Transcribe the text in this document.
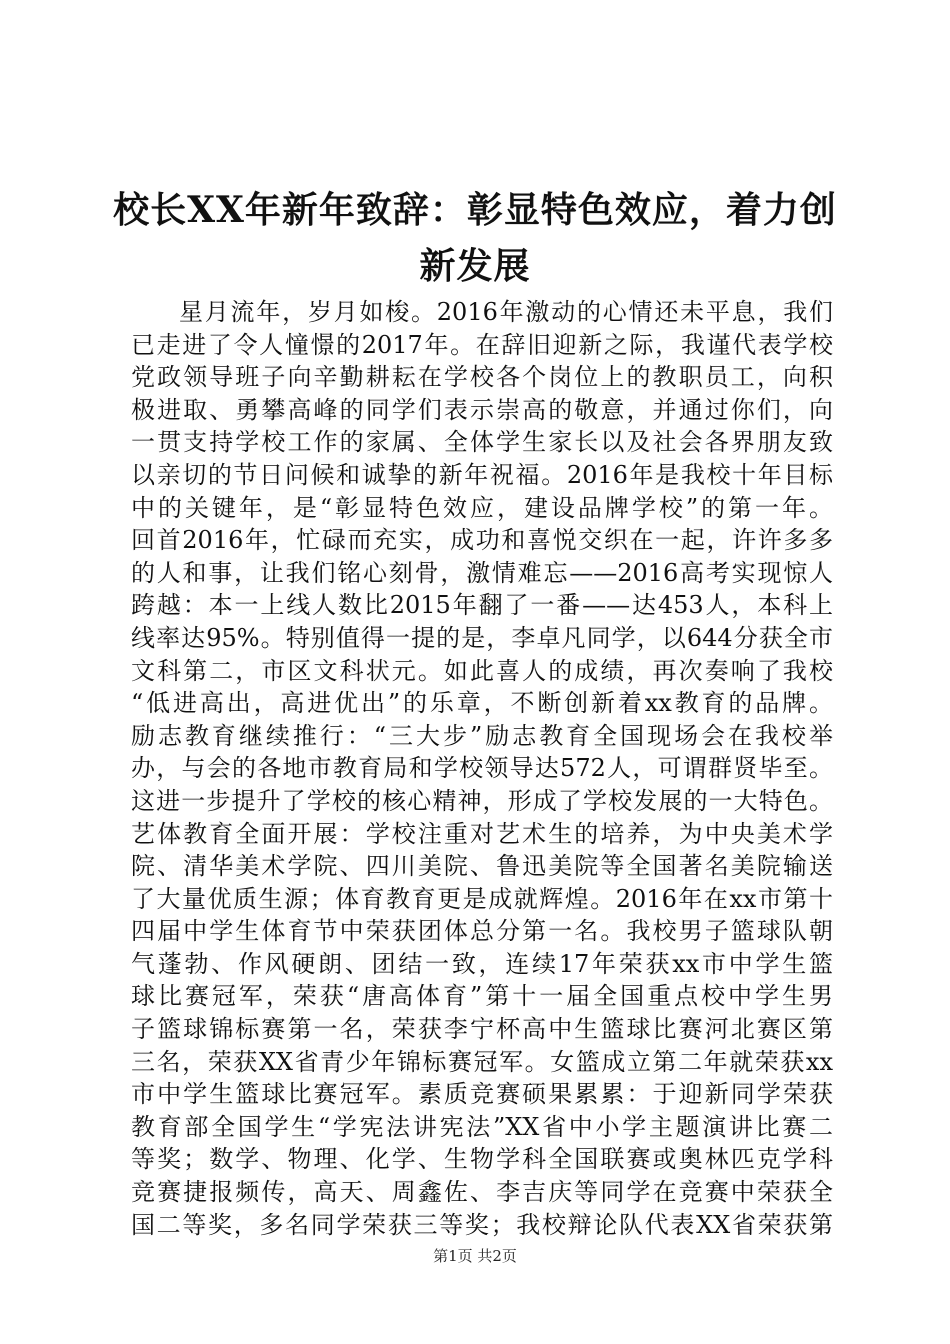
校长XX年新年致辞：彰显特色效应，着力创
新发展
星月流年，岁月如梭。2016年激动的心情还未平息，我们
已走进了令人憧憬的2017年。在辞旧迎新之际，我谨代表学校
党政领导班子向辛勤耕耘在学校各个岗位上的教职员工，向积
极进取、勇攀高峰的同学们表示崇高的敬意，并通过你们，向
一贯支持学校工作的家属、全体学生家长以及社会各界朋友致
以亲切的节日问候和诚挚的新年祝福。2016年是我校十年目标
中的关键年，是“彰显特色效应，建设品牌学校”的第一年。
回首2016年，忙碌而充实，成功和喜悦交织在一起，许许多多
的人和事，让我们铭心刻骨，激情难忘——2016高考实现惊人
跨越：本一上线人数比2015年翻了一番——达453人，本科上
线率达95%。特别值得一提的是，李卓凡同学，以644分获全市
文科第二，市区文科状元。如此喜人的成绩，再次奏响了我校
“低进高出，高进优出”的乐章，不断创新着xx教育的品牌。
励志教育继续推行：“三大步”励志教育全国现场会在我校举
办，与会的各地市教育局和学校领导达572人，可谓群贤毕至。
这进一步提升了学校的核心精神，形成了学校发展的一大特色。
艺体教育全面开展：学校注重对艺术生的培养，为中央美术学
院、清华美术学院、四川美院、鲁迅美院等全国著名美院输送
了大量优质生源；体育教育更是成就辉煌。2016年在xx市第十
四届中学生体育节中荣获团体总分第一名。我校男子篮球队朝
气蓬勃、作风硬朗、团结一致，连续17年荣获xx市中学生篮
球比赛冠军，荣获“唐高体育”第十一届全国重点校中学生男
子篮球锦标赛第一名，荣获李宁杯高中生篮球比赛河北赛区第
三名，荣获XX省青少年锦标赛冠军。女篮成立第二年就荣获xx
市中学生篮球比赛冠军。素质竞赛硕果累累：于迎新同学荣获
教育部全国学生“学宪法讲宪法”XX省中小学主题演讲比赛二
等奖；数学、物理、化学、生物学科全国联赛或奥林匹克学科
竞赛捷报频传，高天、周鑫佐、李吉庆等同学在竞赛中荣获全
国二等奖，多名同学荣获三等奖；我校辩论队代表XX省荣获第
第1页 共2页
